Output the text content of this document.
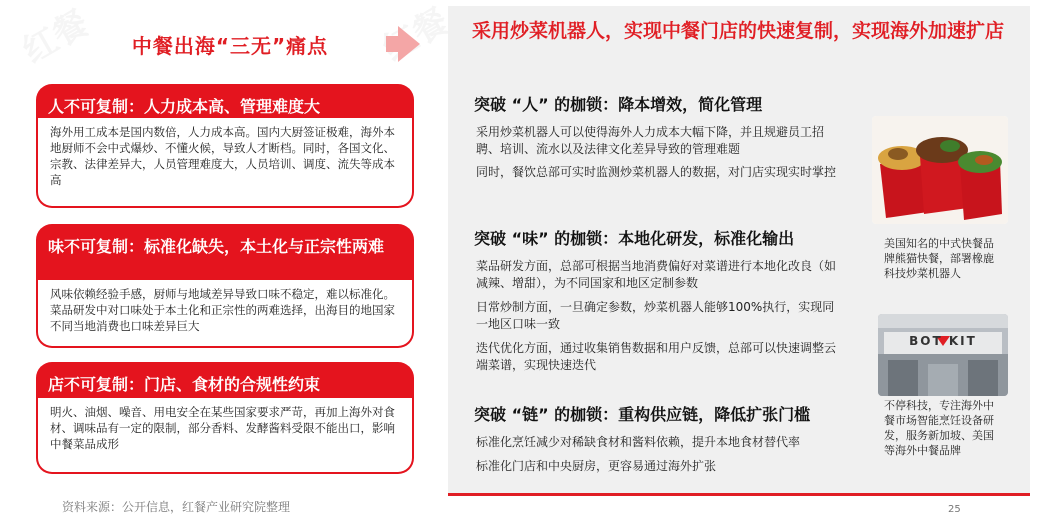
红餐	红餐
中餐出海“三无”痛点
人不可复制：人力成本高、管理难度大
海外用工成本是国内数倍，人力成本高。国内大厨签证极难，海外本地厨师不会中式爆炒、不懂火候，导致人才断档。同时，各国文化、宗教、法律差异大，人员管理难度大，人员培训、调度、流失等成本高
味不可复制：标准化缺失，本土化与正宗性两难
风味依赖经验手感，厨师与地域差异导致口味不稳定，难以标准化。菜品研发中对口味处于本土化和正宗性的两难选择，出海目的地国家不同当地消费也口味差异巨大
店不可复制：门店、食材的合规性约束
明火、油烟、噪音、用电安全在某些国家要求严苛，再加上海外对食材、调味品有一定的限制，部分香料、发酵酱料受限不能出口，影响中餐菜品成形
采用炒菜机器人，实现中餐门店的快速复制，实现海外加速扩店
突破 “人” 的枷锁：降本增效，简化管理
采用炒菜机器人可以使得海外人力成本大幅下降，并且规避员工招聘、培训、流水以及法律文化差异导致的管理难题
同时，餐饮总部可实时监测炒菜机器人的数据，对门店实现实时掌控
突破 “味” 的枷锁：本地化研发，标准化输出
菜品研发方面，总部可根据当地消费偏好对菜谱进行本地化改良（如减辣、增甜），为不同国家和地区定制参数
日常炒制方面，一旦确定参数，炒菜机器人能够100%执行，实现同一地区口味一致
迭代优化方面，通过收集销售数据和用户反馈，总部可以快速调整云端菜谱，实现快速迭代
突破 “链” 的枷锁：重构供应链，降低扩张门槛
标准化烹饪减少对稀缺食材和酱料依赖，提升本地食材替代率
标准化门店和中央厨房，更容易通过海外扩张
美国知名的中式快餐品牌熊猫快餐，部署橡鹿科技炒菜机器人
BOT KIT
不停科技，专注海外中餐市场智能烹饪设备研发，服务新加坡、美国等海外中餐品牌
资料来源：公开信息，红餐产业研究院整理	25
